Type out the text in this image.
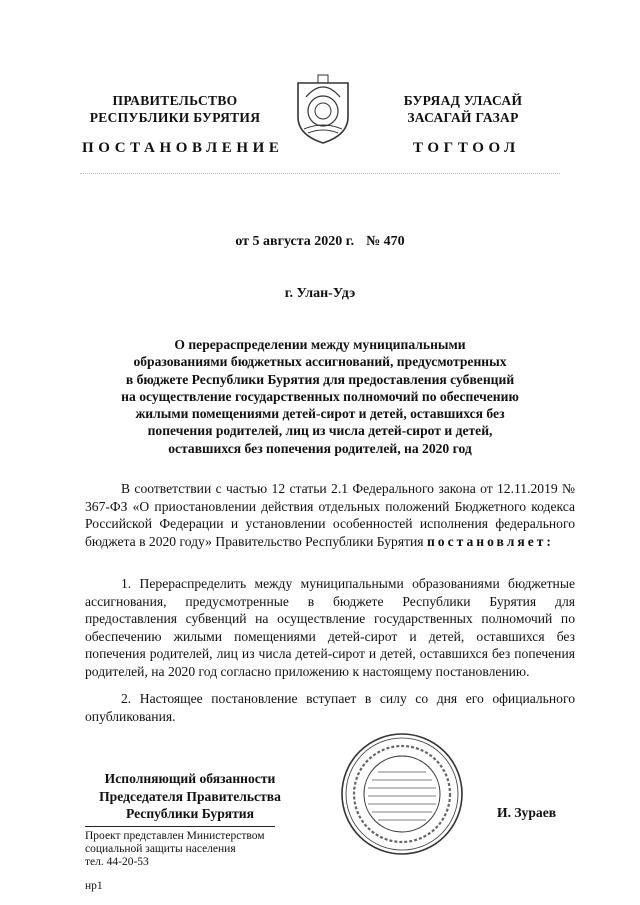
ПРАВИТЕЛЬСТВО
РЕСПУБЛИКИ БУРЯТИЯ
БУРЯАД УЛАСАЙ
ЗАСАГАЙ ГАЗАР
ПОСТАНОВЛЕНИЕ	ТОГТООЛ
от 5 августа 2020 г. № 470
г. Улан-Удэ
О перераспределении между муниципальными
образованиями бюджетных ассигнований, предусмотренных
в бюджете Республики Бурятия для предоставления субвенций
на осуществление государственных полномочий по обеспечению
жилыми помещениями детей-сирот и детей, оставшихся без
попечения родителей, лиц из числа детей-сирот и детей,
оставшихся без попечения родителей, на 2020 год
В соответствии с частью 12 статьи 2.1 Федерального закона от 12.11.2019 № 367-ФЗ «О приостановлении действия отдельных положений Бюджетного кодекса Российской Федерации и установлении особенностей исполнения федерального бюджета в 2020 году» Правительство Республики Бурятия постановляет:
1. Перераспределить между муниципальными образованиями бюджетные ассигнования, предусмотренные в бюджете Республики Бурятия для предоставления субвенций на осуществление государственных полномочий по обеспечению жилыми помещениями детей-сирот и детей, оставшихся без попечения родителей, лиц из числа детей-сирот и детей, оставшихся без попечения родителей, на 2020 год согласно приложению к настоящему постановлению.
2. Настоящее постановление вступает в силу со дня его официального опубликования.
Исполняющий обязанности
Председателя Правительства
Республики Бурятия	И. Зураев
Проект представлен Министерством
социальной защиты населения
тел. 44-20-53
нр1
